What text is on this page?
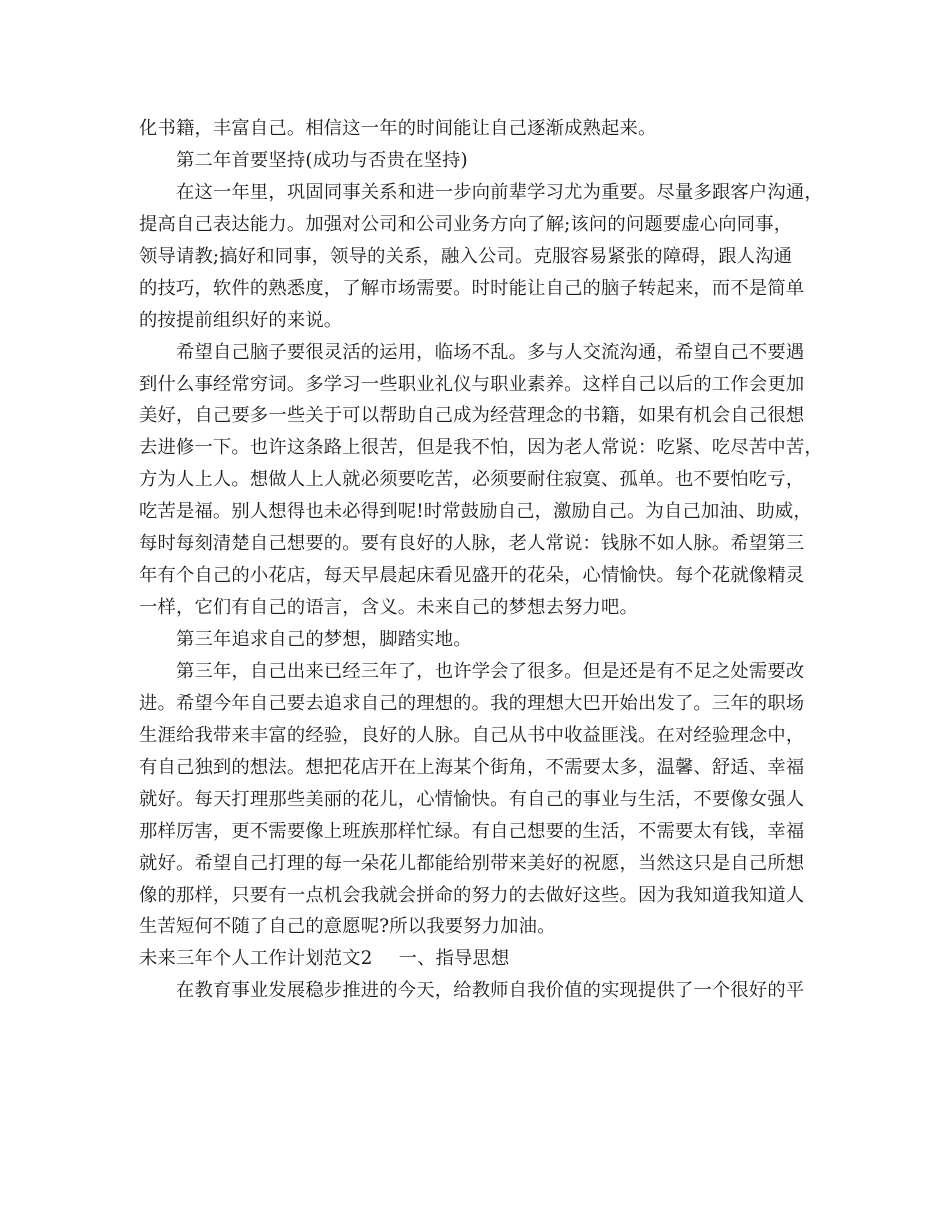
化书籍，丰富自己。相信这一年的时间能让自己逐渐成熟起来。
第二年首要坚持(成功与否贵在坚持)
在这一年里，巩固同事关系和进一步向前辈学习尤为重要。尽量多跟客户沟通，
提高自己表达能力。加强对公司和公司业务方向了解;该问的问题要虚心向同事，
领导请教;搞好和同事，领导的关系，融入公司。克服容易紧张的障碍，跟人沟通
的技巧，软件的熟悉度，了解市场需要。时时能让自己的脑子转起来，而不是简单
的按提前组织好的来说。
希望自己脑子要很灵活的运用，临场不乱。多与人交流沟通，希望自己不要遇
到什么事经常穷词。多学习一些职业礼仪与职业素养。这样自己以后的工作会更加
美好，自己要多一些关于可以帮助自己成为经营理念的书籍，如果有机会自己很想
去进修一下。也许这条路上很苦，但是我不怕，因为老人常说：吃紧、吃尽苦中苦，
方为人上人。想做人上人就必须要吃苦，必须要耐住寂寞、孤单。也不要怕吃亏，
吃苦是福。别人想得也未必得到呢!时常鼓励自己，激励自己。为自己加油、助威，
每时每刻清楚自己想要的。要有良好的人脉，老人常说：钱脉不如人脉。希望第三
年有个自己的小花店，每天早晨起床看见盛开的花朵，心情愉快。每个花就像精灵
一样，它们有自己的语言，含义。未来自己的梦想去努力吧。
第三年追求自己的梦想，脚踏实地。
第三年，自己出来已经三年了，也许学会了很多。但是还是有不足之处需要改
进。希望今年自己要去追求自己的理想的。我的理想大巴开始出发了。三年的职场
生涯给我带来丰富的经验，良好的人脉。自己从书中收益匪浅。在对经验理念中，
有自己独到的想法。想把花店开在上海某个街角，不需要太多，温馨、舒适、幸福
就好。每天打理那些美丽的花儿，心情愉快。有自己的事业与生活，不要像女强人
那样厉害，更不需要像上班族那样忙绿。有自己想要的生活，不需要太有钱，幸福
就好。希望自己打理的每一朵花儿都能给别带来美好的祝愿，当然这只是自己所想
像的那样，只要有一点机会我就会拼命的努力的去做好这些。因为我知道我知道人
生苦短何不随了自己的意愿呢?所以我要努力加油。
未来三年个人工作计划范文2 一、指导思想
在教育事业发展稳步推进的今天，给教师自我价值的实现提供了一个很好的平
